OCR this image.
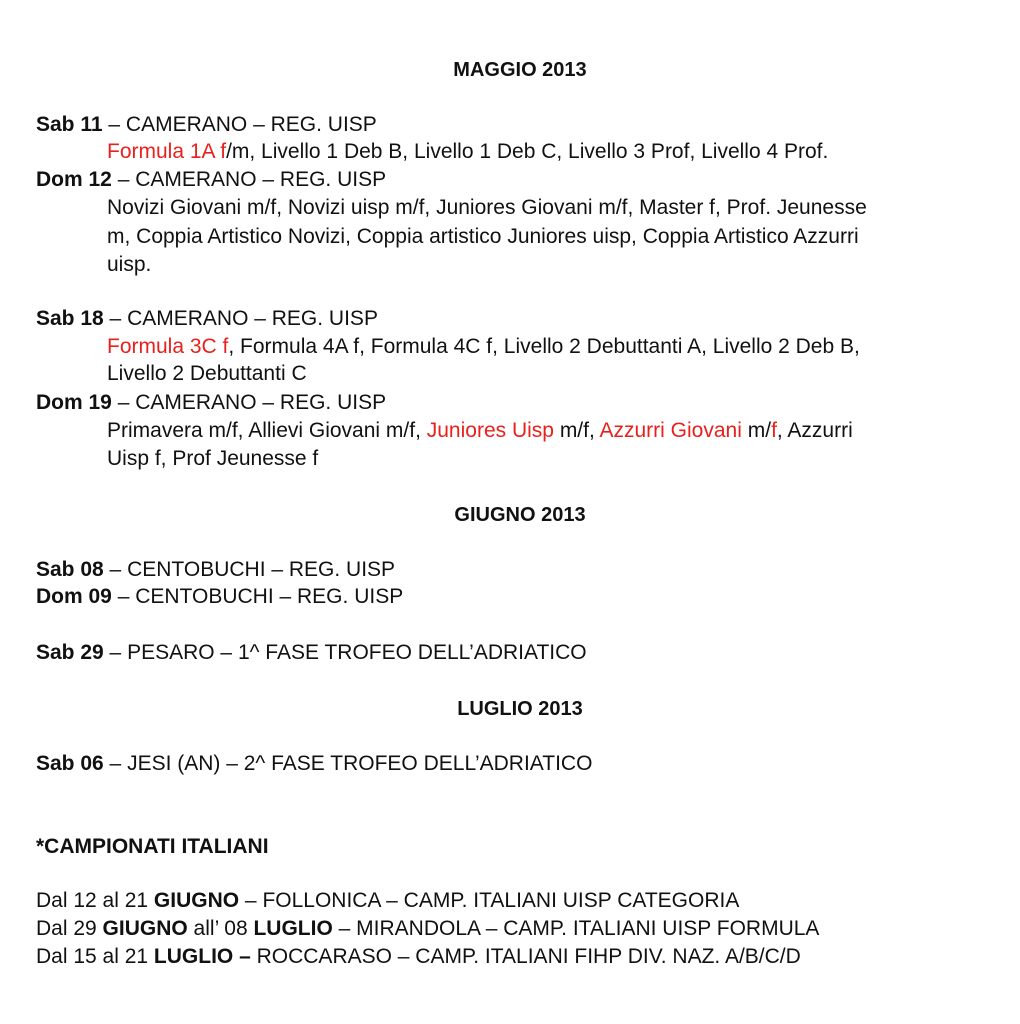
MAGGIO 2013
Sab 11 – CAMERANO – REG. UISP
Formula 1A f/m, Livello 1 Deb B, Livello 1 Deb C, Livello 3 Prof, Livello 4 Prof.
Dom 12 – CAMERANO – REG. UISP
Novizi Giovani m/f, Novizi uisp m/f, Juniores Giovani m/f, Master f, Prof. Jeunesse
m, Coppia Artistico Novizi, Coppia artistico Juniores uisp, Coppia Artistico Azzurri
uisp.
Sab 18 – CAMERANO – REG. UISP
Formula 3C f, Formula 4A f, Formula 4C f, Livello 2 Debuttanti A, Livello 2 Deb B,
Livello 2 Debuttanti C
Dom 19 – CAMERANO – REG. UISP
Primavera m/f, Allievi Giovani m/f, Juniores Uisp m/f, Azzurri Giovani m/f, Azzurri
Uisp f, Prof Jeunesse f
GIUGNO 2013
Sab 08 – CENTOBUCHI – REG. UISP
Dom 09 – CENTOBUCHI – REG. UISP
Sab 29 – PESARO – 1^ FASE TROFEO DELL’ADRIATICO
LUGLIO 2013
Sab 06 – JESI (AN) – 2^ FASE TROFEO DELL’ADRIATICO
*CAMPIONATI ITALIANI
Dal 12 al 21 GIUGNO – FOLLONICA – CAMP. ITALIANI UISP CATEGORIA
Dal 29 GIUGNO all’ 08 LUGLIO – MIRANDOLA – CAMP. ITALIANI UISP FORMULA
Dal 15 al 21 LUGLIO – ROCCARASO – CAMP. ITALIANI FIHP DIV. NAZ. A/B/C/D
